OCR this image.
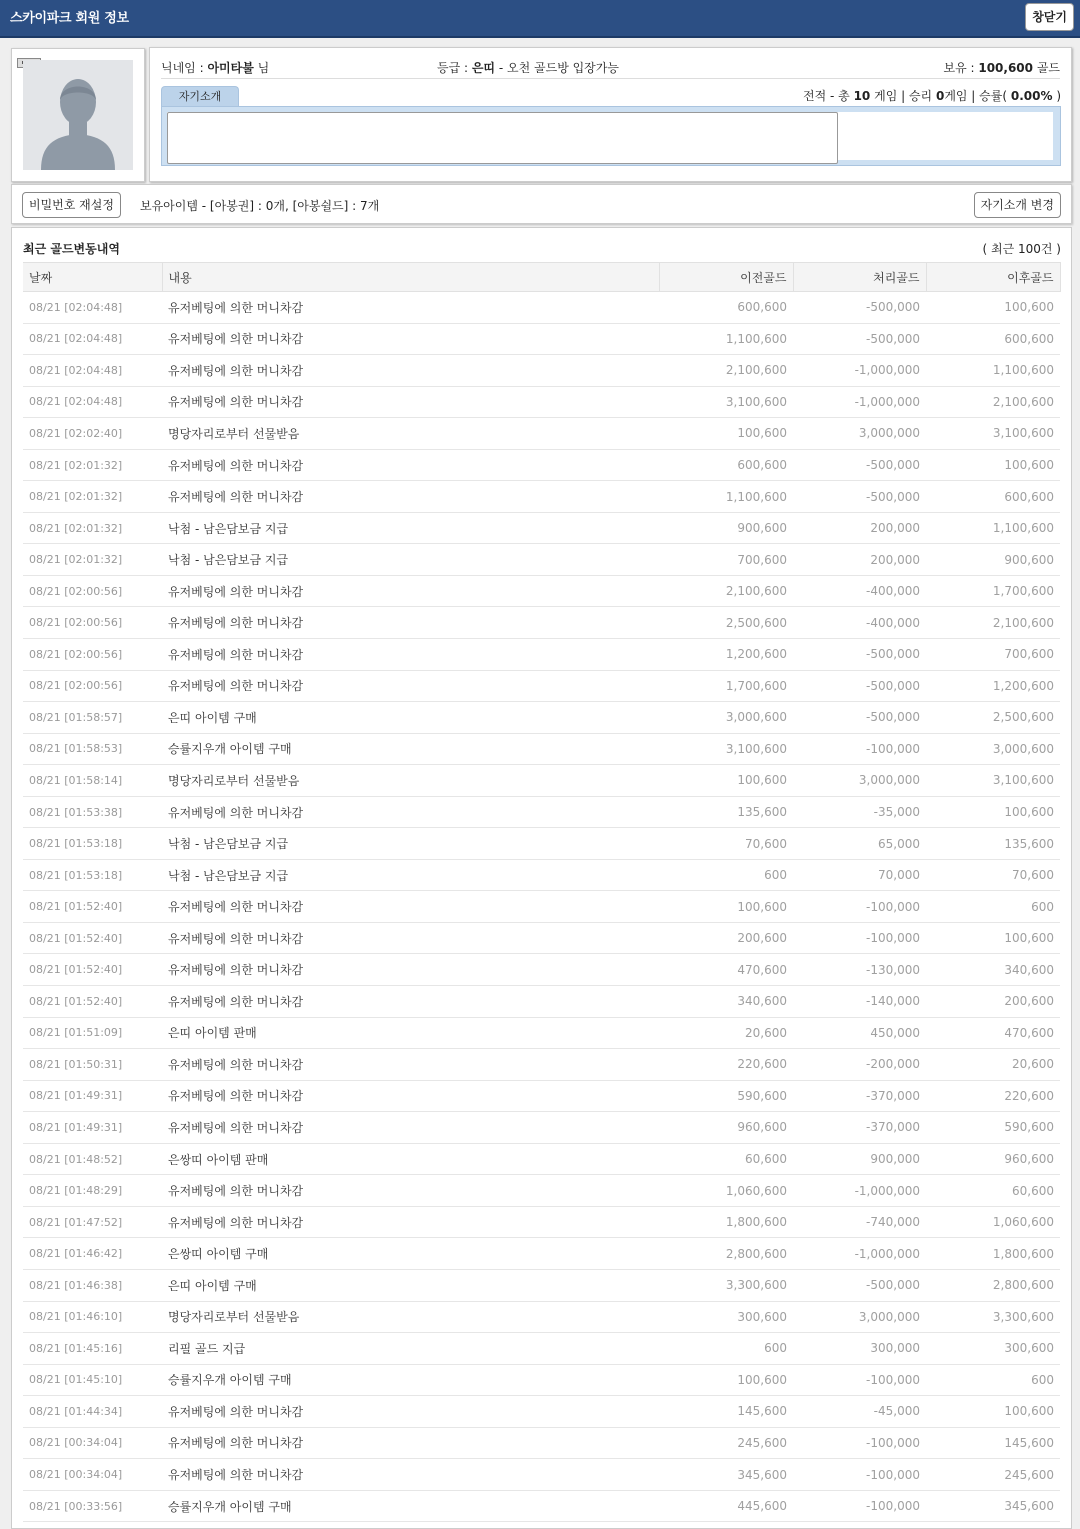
스카이파크 회원 정보	창닫기
닉네임 : 아미타불 님	등급 : 은띠 - 오천 골드방 입장가능	보유 : 100,600 골드
자기소개	전적 - 총 10 게임 | 승리 0게임 | 승률( 0.00% )
비밀번호 재설정	보유아이템 - [아봉권] : 0개, [아봉쉴드] : 7개	자기소개 변경
최근 골드변동내역	( 최근 100건 )
날짜	내용	이전골드	처리골드	이후골드
08/21 [02:04:48]	유저베팅에 의한 머니차감	600,600	-500,000	100,600
08/21 [02:04:48]	유저베팅에 의한 머니차감	1,100,600	-500,000	600,600
08/21 [02:04:48]	유저베팅에 의한 머니차감	2,100,600	-1,000,000	1,100,600
08/21 [02:04:48]	유저베팅에 의한 머니차감	3,100,600	-1,000,000	2,100,600
08/21 [02:02:40]	명당자리로부터 선물받음	100,600	3,000,000	3,100,600
08/21 [02:01:32]	유저베팅에 의한 머니차감	600,600	-500,000	100,600
08/21 [02:01:32]	유저베팅에 의한 머니차감	1,100,600	-500,000	600,600
08/21 [02:01:32]	낙첨 - 남은담보금 지급	900,600	200,000	1,100,600
08/21 [02:01:32]	낙첨 - 남은담보금 지급	700,600	200,000	900,600
08/21 [02:00:56]	유저베팅에 의한 머니차감	2,100,600	-400,000	1,700,600
08/21 [02:00:56]	유저베팅에 의한 머니차감	2,500,600	-400,000	2,100,600
08/21 [02:00:56]	유저베팅에 의한 머니차감	1,200,600	-500,000	700,600
08/21 [02:00:56]	유저베팅에 의한 머니차감	1,700,600	-500,000	1,200,600
08/21 [01:58:57]	은띠 아이템 구매	3,000,600	-500,000	2,500,600
08/21 [01:58:53]	승률지우개 아이템 구매	3,100,600	-100,000	3,000,600
08/21 [01:58:14]	명당자리로부터 선물받음	100,600	3,000,000	3,100,600
08/21 [01:53:38]	유저베팅에 의한 머니차감	135,600	-35,000	100,600
08/21 [01:53:18]	낙첨 - 남은담보금 지급	70,600	65,000	135,600
08/21 [01:53:18]	낙첨 - 남은담보금 지급	600	70,000	70,600
08/21 [01:52:40]	유저베팅에 의한 머니차감	100,600	-100,000	600
08/21 [01:52:40]	유저베팅에 의한 머니차감	200,600	-100,000	100,600
08/21 [01:52:40]	유저베팅에 의한 머니차감	470,600	-130,000	340,600
08/21 [01:52:40]	유저베팅에 의한 머니차감	340,600	-140,000	200,600
08/21 [01:51:09]	은띠 아이템 판매	20,600	450,000	470,600
08/21 [01:50:31]	유저베팅에 의한 머니차감	220,600	-200,000	20,600
08/21 [01:49:31]	유저베팅에 의한 머니차감	590,600	-370,000	220,600
08/21 [01:49:31]	유저베팅에 의한 머니차감	960,600	-370,000	590,600
08/21 [01:48:52]	은쌍띠 아이템 판매	60,600	900,000	960,600
08/21 [01:48:29]	유저베팅에 의한 머니차감	1,060,600	-1,000,000	60,600
08/21 [01:47:52]	유저베팅에 의한 머니차감	1,800,600	-740,000	1,060,600
08/21 [01:46:42]	은쌍띠 아이템 구매	2,800,600	-1,000,000	1,800,600
08/21 [01:46:38]	은띠 아이템 구매	3,300,600	-500,000	2,800,600
08/21 [01:46:10]	명당자리로부터 선물받음	300,600	3,000,000	3,300,600
08/21 [01:45:16]	리필 골드 지급	600	300,000	300,600
08/21 [01:45:10]	승률지우개 아이템 구매	100,600	-100,000	600
08/21 [01:44:34]	유저베팅에 의한 머니차감	145,600	-45,000	100,600
08/21 [00:34:04]	유저베팅에 의한 머니차감	245,600	-100,000	145,600
08/21 [00:34:04]	유저베팅에 의한 머니차감	345,600	-100,000	245,600
08/21 [00:33:56]	승률지우개 아이템 구매	445,600	-100,000	345,600
